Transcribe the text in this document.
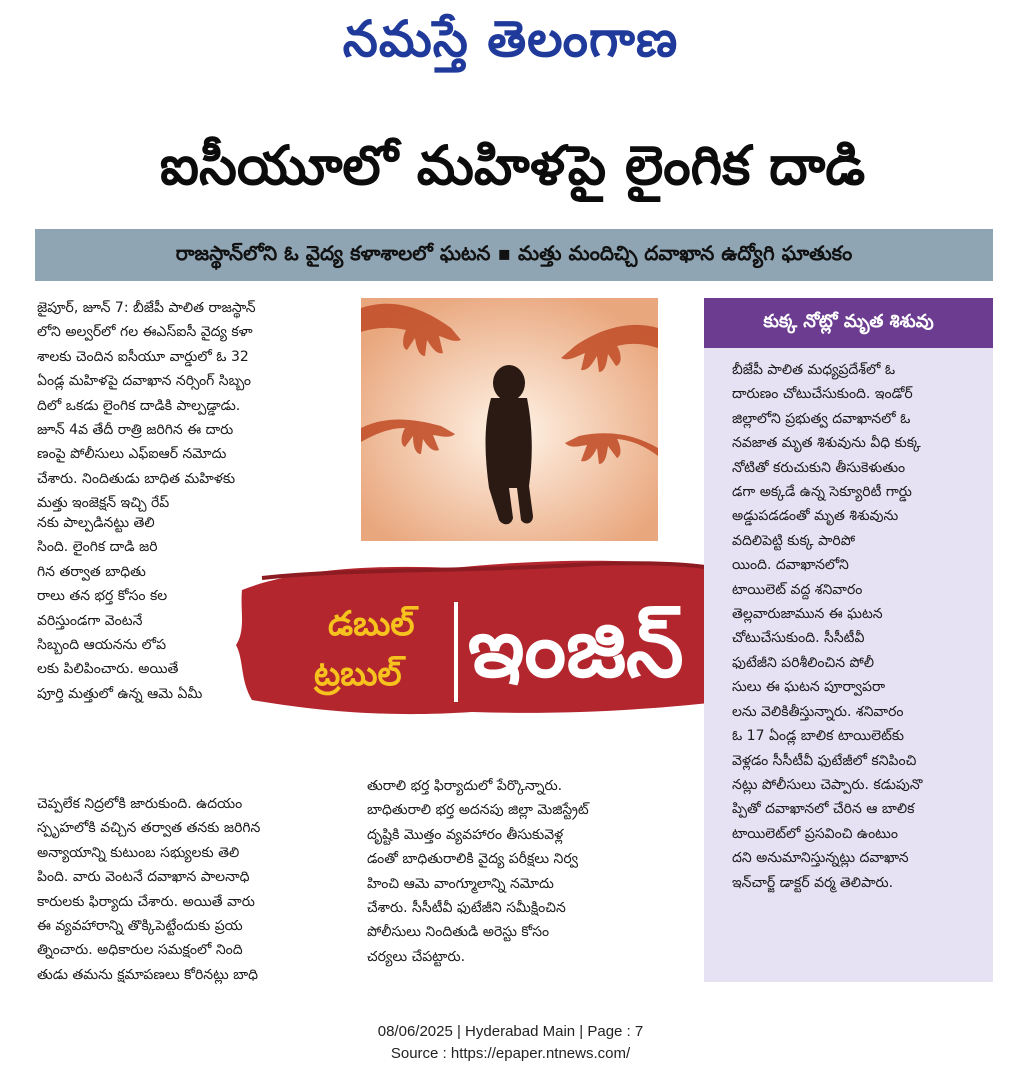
నమస్తే తెలంగాణ
ఐసీయూలో మహిళపై లైంగిక దాడి
రాజస్థాన్‌లోని ఓ వైద్య కళాశాలలో ఘటన ▪ మత్తు మందిచ్చి దవాఖాన ఉద్యోగి ఘాతుకం

జైపూర్, జూన్ 7: బీజేపీ పాలిత రాజస్థాన్

లోని అల్వర్‌లో గల ఈఎస్‌ఐసీ వైద్య కళా

శాలకు చెందిన ఐసీయూ వార్డులో ఓ 32

ఏండ్ల మహిళపై దవాఖాన నర్సింగ్ సిబ్బం

దిలో ఒకడు లైంగిక దాడికి పాల్పడ్డాడు.

జూన్ 4వ తేదీ రాత్రి జరిగిన ఈ దారు

ణంపై పోలీసులు ఎఫ్ఐఆర్ నమోదు

చేశారు. నిందితుడు బాధిత మహిళకు

మత్తు ఇంజెక్షన్ ఇచ్చి రేప్

నకు పాల్పడినట్టు తెలి

సింది. లైంగిక దాడి జరి

గిన తర్వాత బాధితు

రాలు తన భర్త కోసం కల

వరిస్తుండగా వెంటనే

సిబ్బంది ఆయనను లోప

లకు పిలిపించారు. అయితే

పూర్తి మత్తులో ఉన్న ఆమె ఏమీ

చెప్పలేక నిద్రలోకి జారుకుంది. ఉదయం

స్పృహలోకి వచ్చిన తర్వాత తనకు జరిగిన

అన్యాయాన్ని కుటుంబ సభ్యులకు తెలి

పింది. వారు వెంటనే దవాఖాన పాలనాధి

కారులకు ఫిర్యాదు చేశారు. అయితే వారు

ఈ వ్యవహారాన్ని తొక్కిపెట్టేందుకు ప్రయ

త్నించారు. అధికారుల సమక్షంలో నింది

తుడు తమను క్షమాపణలు కోరినట్లు బాధి

తురాలి భర్త ఫిర్యాదులో పేర్కొన్నారు.

బాధితురాలి భర్త అదనపు జిల్లా మెజిస్ట్రేట్

దృష్టికి మొత్తం వ్యవహారం తీసుకువెళ్ల

డంతో బాధితురాలికి వైద్య పరీక్షలు నిర్వ

హించి ఆమె వాంగ్మూలాన్ని నమోదు

చేశారు. సీసీటీవీ ఫుటేజీని సమీక్షించిన

పోలీసులు నిందితుడి అరెస్టు కోసం

చర్యలు చేపట్టారు.

డబుల్
ట్రబుల్ ఇంజిన్
కుక్క నోట్లో మృత శిశువు

బీజేపీ పాలిత మధ్యప్రదేశ్‌లో ఓ

దారుణం చోటుచేసుకుంది. ఇండోర్

జిల్లాలోని ప్రభుత్వ దవాఖానలో ఓ

నవజాత మృత శిశువును వీధి కుక్క

నోటితో కరుచుకుని తీసుకెళుతుం

డగా అక్కడే ఉన్న సెక్యూరిటీ గార్డు

అడ్డుపడడంతో మృత శిశువును

వదిలిపెట్టి కుక్క పారిపో

యింది. దవాఖానలోని

టాయిలెట్ వద్ద శనివారం

తెల్లవారుజామున ఈ ఘటన

చోటుచేసుకుంది. సీసీటీవీ

ఫుటేజీని పరిశీలించిన పోలీ

సులు ఈ ఘటన పూర్వాపరా

లను వెలికితీస్తున్నారు. శనివారం

ఓ 17 ఏండ్ల బాలిక టాయిలెట్‌కు

వెళ్లడం సీసీటీవీ ఫుటేజీలో కనిపించి

నట్లు పోలీసులు చెప్పారు. కడుపునొ

ప్పితో దవాఖానలో చేరిన ఆ బాలిక

టాయిలెట్‌లో ప్రసవించి ఉంటుం

దని అనుమానిస్తున్నట్లు దవాఖాన

ఇన్‌చార్జ్ డాక్టర్ వర్మ తెలిపారు.

08/06/2025 | Hyderabad Main | Page : 7
Source : https://epaper.ntnews.com/
